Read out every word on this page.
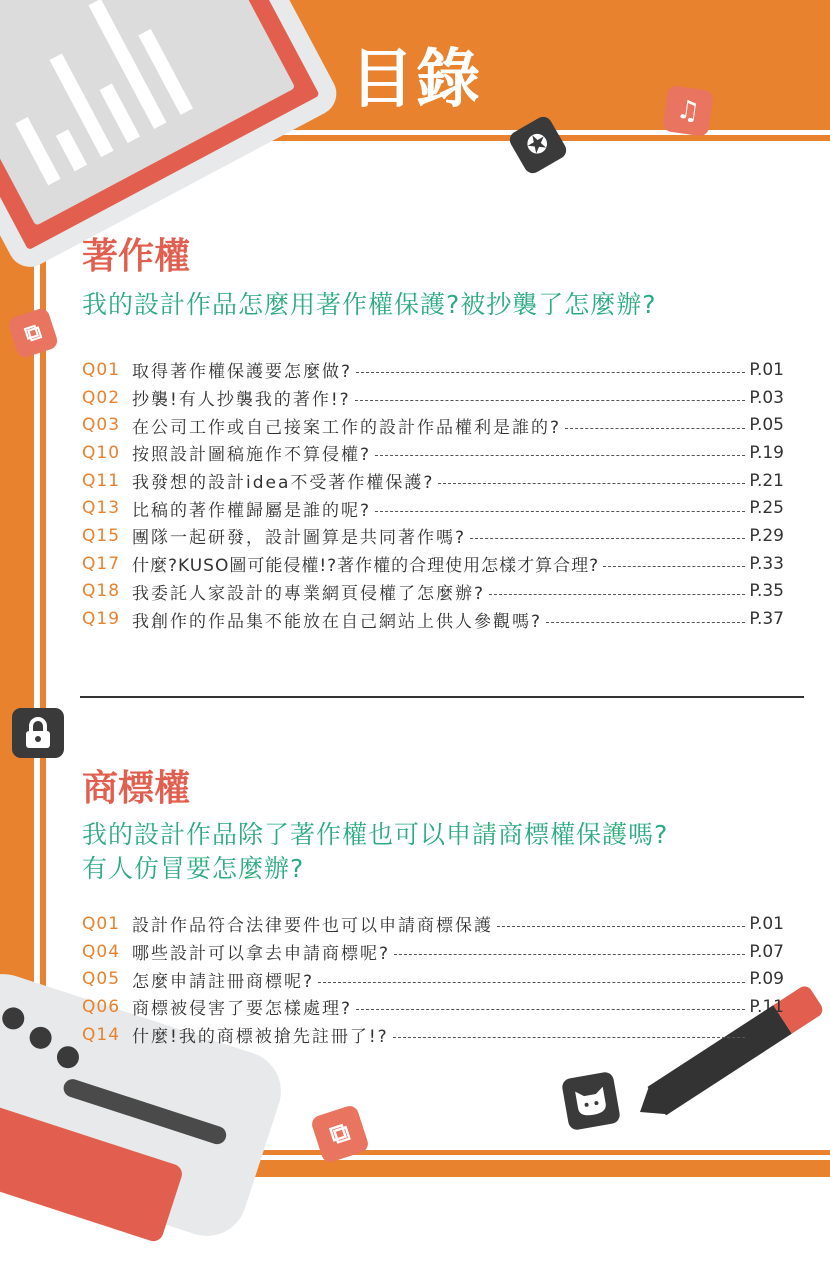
目錄	♫
✪
⧉
⧉
著作權

我的設計作品怎麼用著作權保護?被抄襲了怎麼辦?

Q01 取得著作權保護要怎麼做?	P.01
Q02 抄襲!有人抄襲我的著作!?	P.03
Q03 在公司工作或自己接案工作的設計作品權利是誰的?	P.05
Q10 按照設計圖稿施作不算侵權?	P.19
Q11 我發想的設計idea不受著作權保護?	P.21
Q13 比稿的著作權歸屬是誰的呢?	P.25
Q15 團隊一起研發，設計圖算是共同著作嗎?	P.29
Q17 什麼?KUSO圖可能侵權!?著作權的合理使用怎樣才算合理?	P.33
Q18 我委託人家設計的專業網頁侵權了怎麼辦?	P.35
Q19 我創作的作品集不能放在自己網站上供人參觀嗎?	P.37
商標權

我的設計作品除了著作權也可以申請商標權保護嗎?

有人仿冒要怎麼辦?

Q01 設計作品符合法律要件也可以申請商標保護	P.01
Q04 哪些設計可以拿去申請商標呢?	P.07
Q05 怎麼申請註冊商標呢?	P.09
Q06 商標被侵害了要怎樣處理?	P.11
Q14 什麼!我的商標被搶先註冊了!?	P.27
